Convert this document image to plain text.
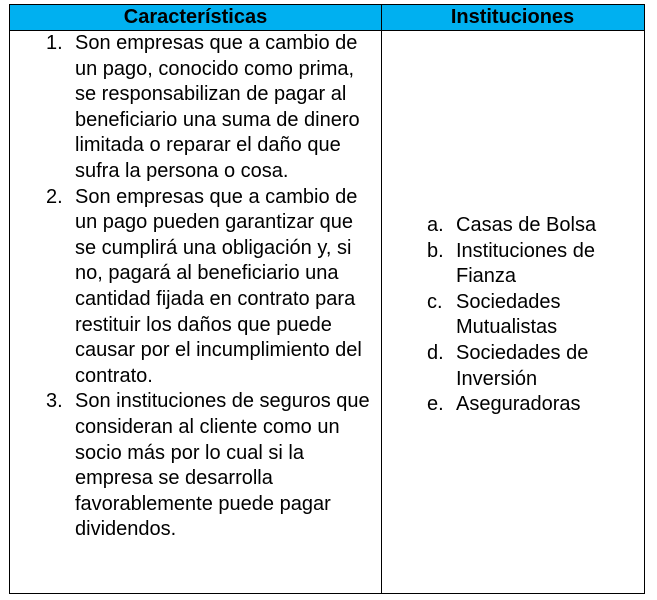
Características	Instituciones
1. Son empresas que a cambio de un pago, conocido como prima, se responsabilizan de pagar al beneficiario una suma de dinero limitada o reparar el daño que sufra la persona o cosa.
2. Son empresas que a cambio de un pago pueden garantizar que se cumplirá una obligación y, si no, pagará al beneficiario una cantidad fijada en contrato para restituir los daños que puede causar por el incumplimiento del contrato.
3. Son instituciones de seguros que consideran al cliente como un socio más por lo cual si la empresa se desarrolla favorablemente puede pagar dividendos.
a. Casas de Bolsa
b. Instituciones de Fianza
c. Sociedades Mutualistas
d. Sociedades de Inversión
e. Aseguradoras
